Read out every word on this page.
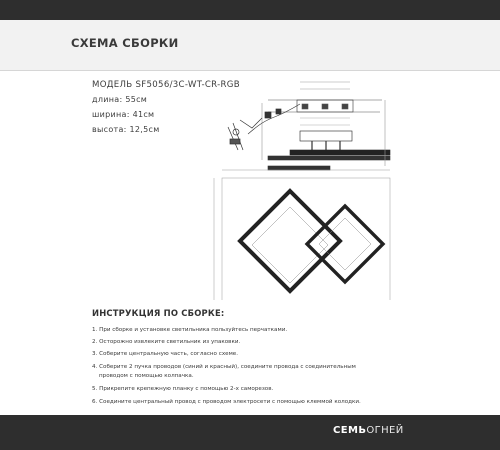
СХЕМА СБОРКИ
МОДЕЛЬ SF5056/3C-WT-CR-RGB
длина: 55см
ширина: 41см
высота: 12,5см
ИНСТРУКЦИЯ ПО СБОРКЕ:
1. При сборке и установке светильника пользуйтесь перчатками.
2. Осторожно извлеките светильник из упаковки.
3. Соберите центральную часть, согласно схеме.
4. Соберите 2 пучка проводов (синий и красный), соедините провода с соединительным
проводом с помощью колпачка.
5. Прикрепите крепежную планку с помощью 2-х саморезов.
6. Соедините центральный провод с проводом электросети с помощью клеммой колодки.
СЕМЬОГНЕЙ
